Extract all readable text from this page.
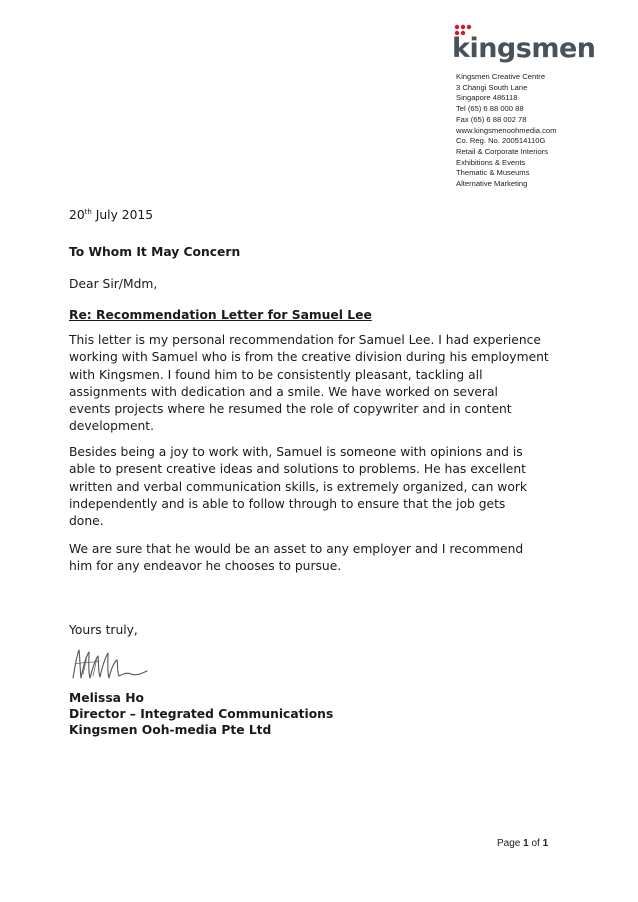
kingsmen
Kingsmen Creative Centre
3 Changi South Lane
Singapore 486118
Tel (65) 6 88 000 88
Fax (65) 6 88 002 78
www.kingsmenoohmedia.com
Co. Reg. No. 200514110G
Retail & Corporate Interiors
Exhibitions & Events
Thematic & Museums
Alternative Marketing
20th July 2015
To Whom It May Concern
Dear Sir/Mdm,
Re: Recommendation Letter for Samuel Lee
This letter is my personal recommendation for Samuel Lee. I had experience
working with Samuel who is from the creative division during his employment
with Kingsmen. I found him to be consistently pleasant, tackling all
assignments with dedication and a smile. We have worked on several
events projects where he resumed the role of copywriter and in content
development.
Besides being a joy to work with, Samuel is someone with opinions and is
able to present creative ideas and solutions to problems. He has excellent
written and verbal communication skills, is extremely organized, can work
independently and is able to follow through to ensure that the job gets
done.
We are sure that he would be an asset to any employer and I recommend
him for any endeavor he chooses to pursue.
Yours truly,
Melissa Ho
Director – Integrated Communications
Kingsmen Ooh-media Pte Ltd
Page 1 of 1
